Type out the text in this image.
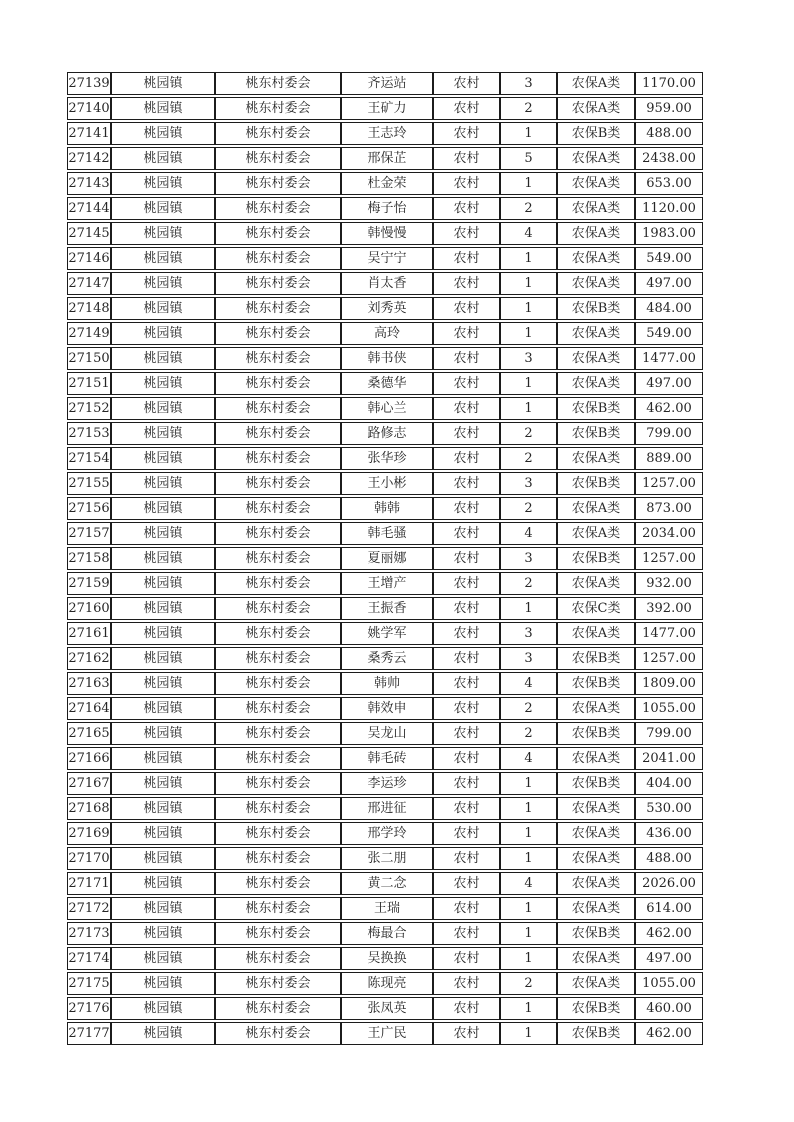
27139	桃园镇	桃东村委会	齐运站	农村	3	农保A类	1170.00
27140	桃园镇	桃东村委会	王矿力	农村	2	农保A类	959.00
27141	桃园镇	桃东村委会	王志玲	农村	1	农保B类	488.00
27142	桃园镇	桃东村委会	邢保芷	农村	5	农保A类	2438.00
27143	桃园镇	桃东村委会	杜金荣	农村	1	农保A类	653.00
27144	桃园镇	桃东村委会	梅子怡	农村	2	农保A类	1120.00
27145	桃园镇	桃东村委会	韩慢慢	农村	4	农保A类	1983.00
27146	桃园镇	桃东村委会	吴宁宁	农村	1	农保A类	549.00
27147	桃园镇	桃东村委会	肖太香	农村	1	农保A类	497.00
27148	桃园镇	桃东村委会	刘秀英	农村	1	农保B类	484.00
27149	桃园镇	桃东村委会	高玲	农村	1	农保A类	549.00
27150	桃园镇	桃东村委会	韩书侠	农村	3	农保A类	1477.00
27151	桃园镇	桃东村委会	桑德华	农村	1	农保A类	497.00
27152	桃园镇	桃东村委会	韩心兰	农村	1	农保B类	462.00
27153	桃园镇	桃东村委会	路修志	农村	2	农保B类	799.00
27154	桃园镇	桃东村委会	张华珍	农村	2	农保A类	889.00
27155	桃园镇	桃东村委会	王小彬	农村	3	农保B类	1257.00
27156	桃园镇	桃东村委会	韩韩	农村	2	农保A类	873.00
27157	桃园镇	桃东村委会	韩毛骚	农村	4	农保A类	2034.00
27158	桃园镇	桃东村委会	夏丽娜	农村	3	农保B类	1257.00
27159	桃园镇	桃东村委会	王增产	农村	2	农保A类	932.00
27160	桃园镇	桃东村委会	王振香	农村	1	农保C类	392.00
27161	桃园镇	桃东村委会	姚学军	农村	3	农保A类	1477.00
27162	桃园镇	桃东村委会	桑秀云	农村	3	农保B类	1257.00
27163	桃园镇	桃东村委会	韩帅	农村	4	农保B类	1809.00
27164	桃园镇	桃东村委会	韩效申	农村	2	农保A类	1055.00
27165	桃园镇	桃东村委会	吴龙山	农村	2	农保B类	799.00
27166	桃园镇	桃东村委会	韩毛砖	农村	4	农保A类	2041.00
27167	桃园镇	桃东村委会	李运珍	农村	1	农保B类	404.00
27168	桃园镇	桃东村委会	邢进征	农村	1	农保A类	530.00
27169	桃园镇	桃东村委会	邢学玲	农村	1	农保A类	436.00
27170	桃园镇	桃东村委会	张二朋	农村	1	农保A类	488.00
27171	桃园镇	桃东村委会	黄二念	农村	4	农保A类	2026.00
27172	桃园镇	桃东村委会	王瑞	农村	1	农保A类	614.00
27173	桃园镇	桃东村委会	梅最合	农村	1	农保B类	462.00
27174	桃园镇	桃东村委会	吴换换	农村	1	农保A类	497.00
27175	桃园镇	桃东村委会	陈现亮	农村	2	农保A类	1055.00
27176	桃园镇	桃东村委会	张凤英	农村	1	农保B类	460.00
27177	桃园镇	桃东村委会	王广民	农村	1	农保B类	462.00
